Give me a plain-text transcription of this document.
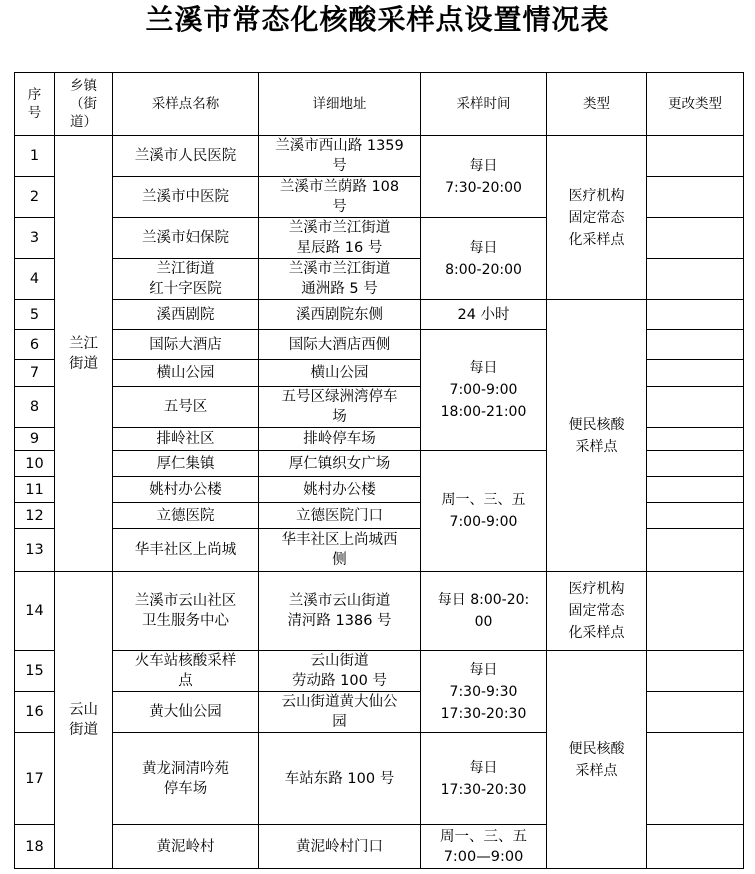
兰溪市常态化核酸采样点设置情况表
序
号	乡镇
（街
道）	采样点名称	详细地址	采样时间	类型	更改类型
1	兰江
街道	兰溪市人民医院	兰溪市西山路 1359
号	每日
7:30-20:00	医疗机构
固定常态
化采样点	
2		兰溪市中医院	兰溪市兰荫路 108
号			
3		兰溪市妇保院	兰溪市兰江街道
星辰路 16 号	每日
8:00-20:00		
4		兰江街道
红十字医院	兰溪市兰江街道
通洲路 5 号			
5		溪西剧院	溪西剧院东侧	24 小时	便民核酸
采样点	
6		国际大酒店	国际大酒店西侧	每日
7:00-9:00
18:00-21:00		
7		横山公园	横山公园			
8		五号区	五号区绿洲湾停车
场			
9		排岭社区	排岭停车场			
10		厚仁集镇	厚仁镇织女广场	周一、三、五
7:00-9:00		
11		姚村办公楼	姚村办公楼			
12		立德医院	立德医院门口			
13		华丰社区上尚城	华丰社区上尚城西
侧			
14	云山
街道	兰溪市云山社区
卫生服务中心	兰溪市云山街道
清河路 1386 号	每日 8:00-20:
00	医疗机构
固定常态
化采样点	
15		火车站核酸采样
点	云山街道
劳动路 100 号	每日
7:30-9:30
17:30-20:30	便民核酸
采样点	
16		黄大仙公园	云山街道黄大仙公
园			
17		黄龙洞清吟苑
停车场	车站东路 100 号	每日
17:30-20:30		
18		黄泥岭村	黄泥岭村门口	周一、三、五
7:00—9:00		
